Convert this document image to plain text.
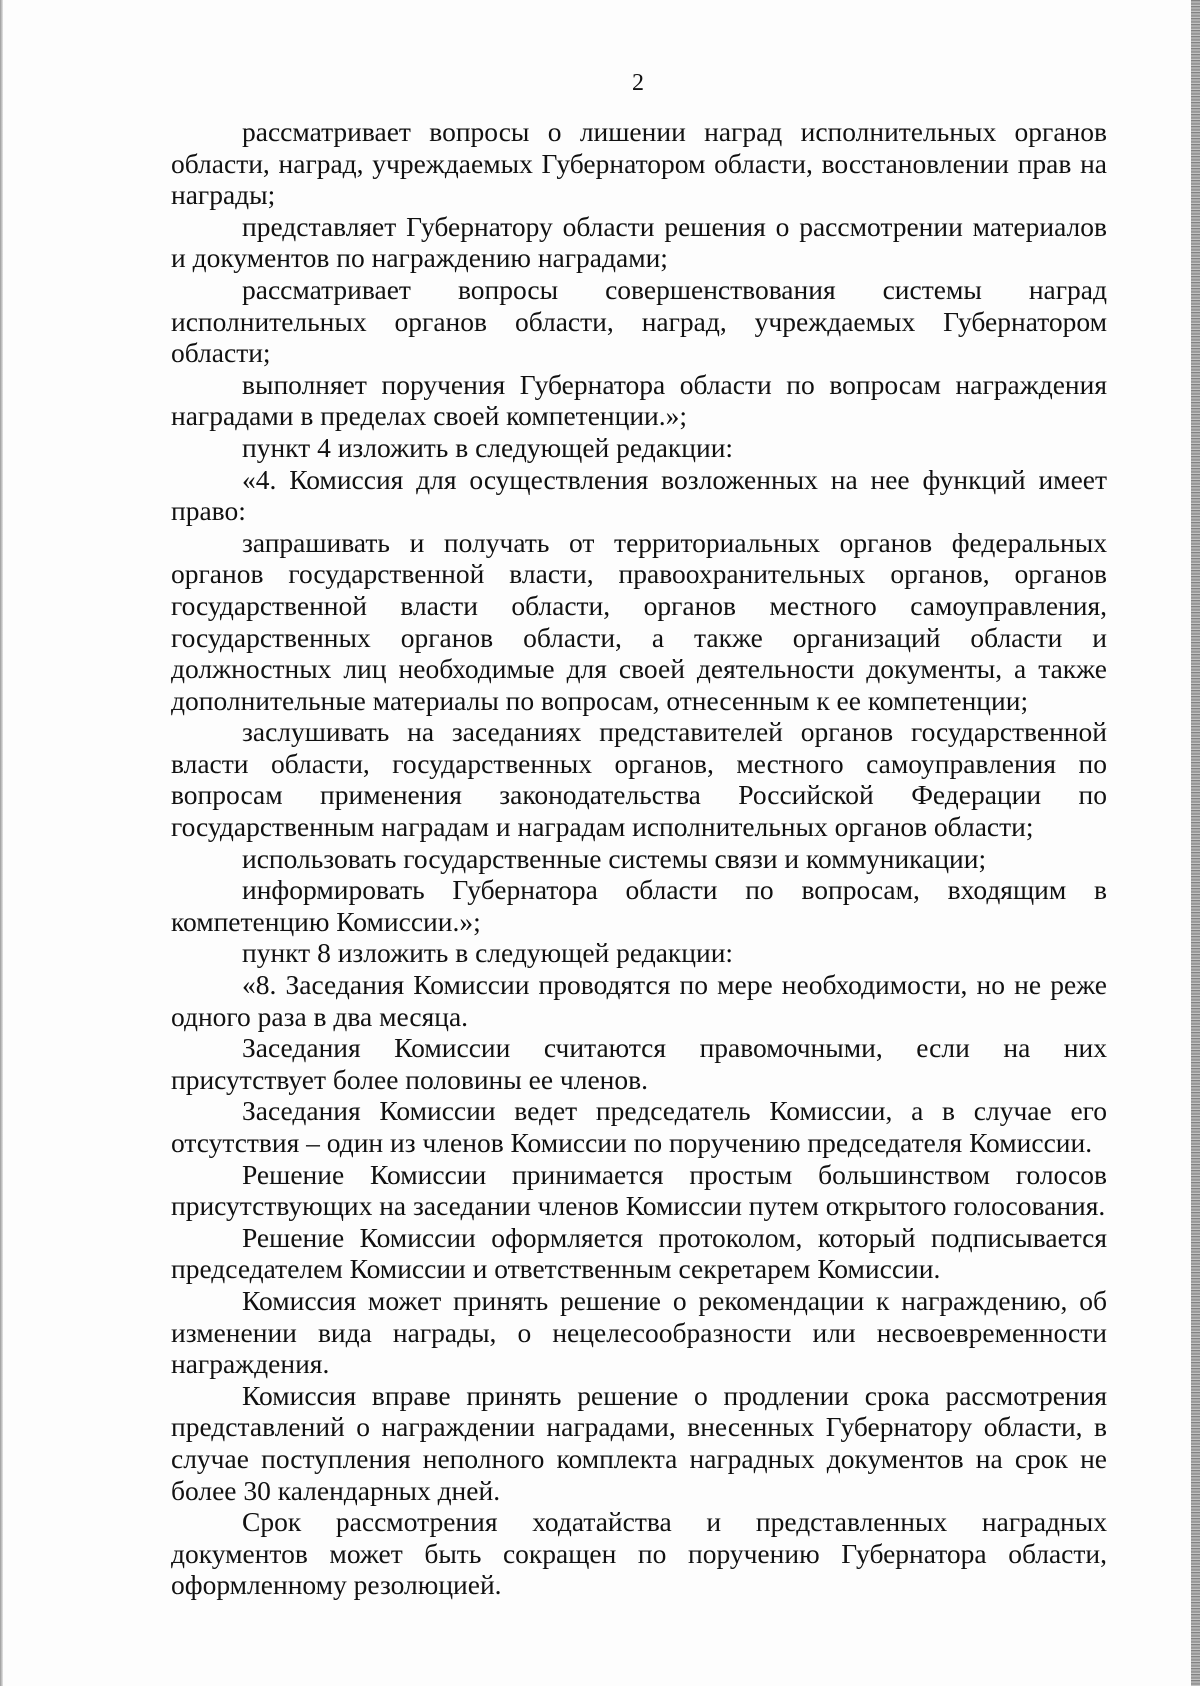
2

рассматривает вопросы о лишении наград исполнительных органов области, наград, учреждаемых Губернатором области, восстановлении прав на награды;

представляет Губернатору области решения о рассмотрении материалов и документов по награждению наградами;

рассматривает вопросы совершенствования системы наград исполнительных органов области, наград, учреждаемых Губернатором области;

выполняет поручения Губернатора области по вопросам награждения наградами в пределах своей компетенции.»;

пункт 4 изложить в следующей редакции:

«4. Комиссия для осуществления возложенных на нее функций имеет право:

запрашивать и получать от территориальных органов федеральных органов государственной власти, правоохранительных органов, органов государственной власти области, органов местного самоуправления, государственных органов области, а также организаций области и должностных лиц необходимые для своей деятельности документы, а также дополнительные материалы по вопросам, отнесенным к ее компетенции;

заслушивать на заседаниях представителей органов государственной власти области, государственных органов, местного самоуправления по вопросам применения законодательства Российской Федерации по государственным наградам и наградам исполнительных органов области;

использовать государственные системы связи и коммуникации;

информировать Губернатора области по вопросам, входящим в компетенцию Комиссии.»;

пункт 8 изложить в следующей редакции:

«8. Заседания Комиссии проводятся по мере необходимости, но не реже одного раза в два месяца.

Заседания Комиссии считаются правомочными, если на них присутствует более половины ее членов.

Заседания Комиссии ведет председатель Комиссии, а в случае его отсутствия – один из членов Комиссии по поручению председателя Комиссии.

Решение Комиссии принимается простым большинством голосов присутствующих на заседании членов Комиссии путем открытого голосования.

Решение Комиссии оформляется протоколом, который подписывается председателем Комиссии и ответственным секретарем Комиссии.

Комиссия может принять решение о рекомендации к награждению, об изменении вида награды, о нецелесообразности или несвоевременности награждения.

Комиссия вправе принять решение о продлении срока рассмотрения представлений о награждении наградами, внесенных Губернатору области, в случае поступления неполного комплекта наградных документов на срок не более 30 календарных дней.

Срок рассмотрения ходатайства и представленных наградных документов может быть сокращен по поручению Губернатора области, оформленному резолюцией.
